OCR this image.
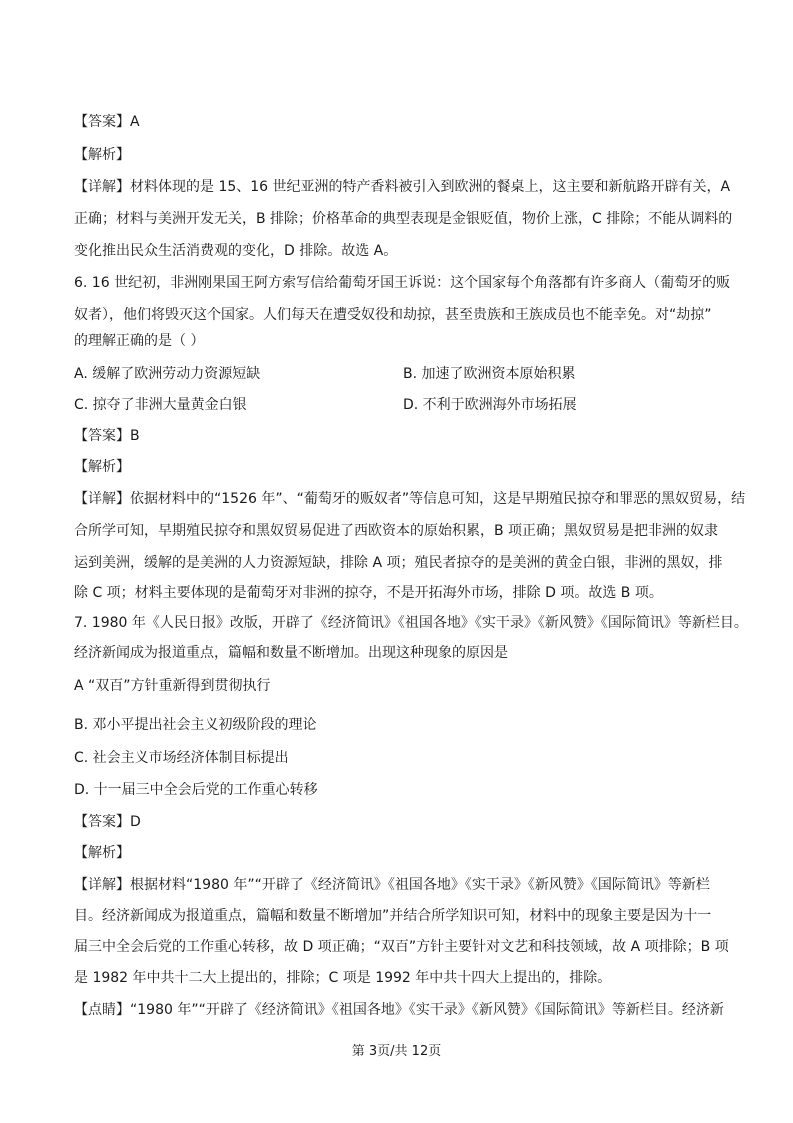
【答案】A
【解析】
【详解】材料体现的是 15、16 世纪亚洲的特产香料被引入到欧洲的餐桌上，这主要和新航路开辟有关，A
正确；材料与美洲开发无关，B 排除；价格革命的典型表现是金银贬值，物价上涨，C 排除；不能从调料的
变化推出民众生活消费观的变化，D 排除。故选 A。
6. 16 世纪初，非洲刚果国王阿方索写信给葡萄牙国王诉说：这个国家每个角落都有许多商人（葡萄牙的贩
奴者），他们将毁灭这个国家。人们每天在遭受奴役和劫掠，甚至贵族和王族成员也不能幸免。对“劫掠”
的理解正确的是（ ）
A. 缓解了欧洲劳动力资源短缺	B. 加速了欧洲资本原始积累
C. 掠夺了非洲大量黄金白银	D. 不利于欧洲海外市场拓展
【答案】B
【解析】
【详解】依据材料中的“1526 年”、“葡萄牙的贩奴者”等信息可知，这是早期殖民掠夺和罪恶的黑奴贸易，结
合所学可知，早期殖民掠夺和黑奴贸易促进了西欧资本的原始积累，B 项正确；黑奴贸易是把非洲的奴隶
运到美洲，缓解的是美洲的人力资源短缺，排除 A 项；殖民者掠夺的是美洲的黄金白银，非洲的黑奴，排
除 C 项；材料主要体现的是葡萄牙对非洲的掠夺，不是开拓海外市场，排除 D 项。故选 B 项。
7. 1980 年《人民日报》改版，开辟了《经济简讯》《祖国各地》《实干录》《新风赞》《国际简讯》等新栏目。
经济新闻成为报道重点，篇幅和数量不断增加。出现这种现象的原因是
A “双百”方针重新得到贯彻执行
B. 邓小平提出社会主义初级阶段的理论
C. 社会主义市场经济体制目标提出
D. 十一届三中全会后党的工作重心转移
【答案】D
【解析】
【详解】根据材料“1980 年”“开辟了《经济简讯》《祖国各地》《实干录》《新风赞》《国际简讯》等新栏
目。经济新闻成为报道重点，篇幅和数量不断增加”并结合所学知识可知，材料中的现象主要是因为十一
届三中全会后党的工作重心转移，故 D 项正确；“双百”方针主要针对文艺和科技领域，故 A 项排除；B 项
是 1982 年中共十二大上提出的，排除；C 项是 1992 年中共十四大上提出的，排除。
【点睛】“1980 年”“开辟了《经济简讯》《祖国各地》《实干录》《新风赞》《国际简讯》等新栏目。经济新
第 3页/共 12页
